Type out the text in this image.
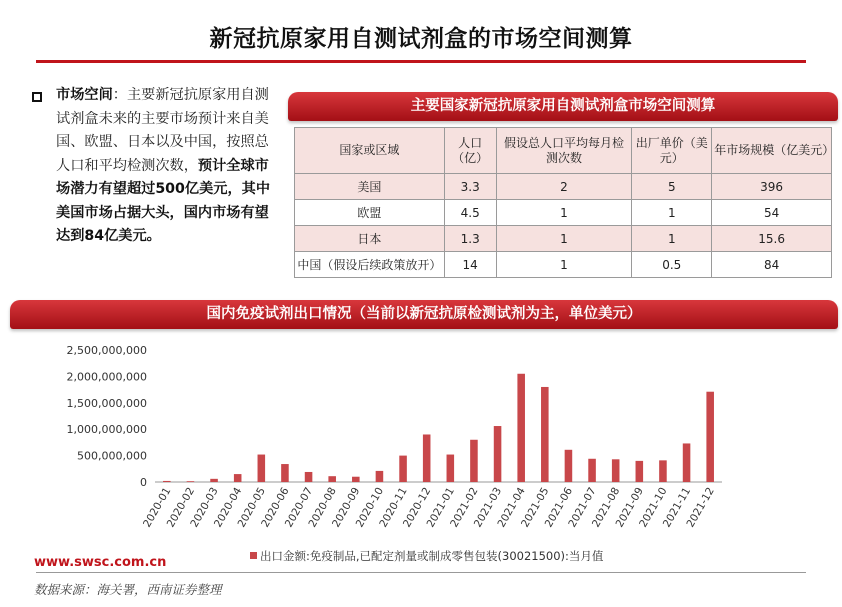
新冠抗原家用自测试剂盒的市场空间测算
市场空间：主要新冠抗原家用自测试剂盒未来的主要市场预计来自美国、欧盟、日本以及中国，按照总人口和平均检测次数，预计全球市场潜力有望超过500亿美元，其中美国市场占据大头，国内市场有望达到84亿美元。
主要国家新冠抗原家用自测试剂盒市场空间测算
国家或区域	人口（亿）	假设总人口平均每月检测次数	出厂单价（美元）	年市场规模（亿美元）
美国	3.3	2	5	396
欧盟	4.5	1	1	54
日本	1.3	1	1	15.6
中国（假设后续政策放开）	14	1	0.5	84
国内免疫试剂出口情况（当前以新冠抗原检测试剂为主，单位美元）
0
500,000,000
1,000,000,000
1,500,000,000
2,000,000,000
2,500,000,000
2020-01
2020-02
2020-03
2020-04
2020-05
2020-06
2020-07
2020-08
2020-09
2020-10
2020-11
2020-12
2021-01
2021-02
2021-03
2021-04
2021-05
2021-06
2021-07
2021-08
2021-09
2021-10
2021-11
2021-12
出口金额:免疫制品,已配定剂量或制成零售包装(30021500):当月值
www.swsc.com.cn
数据来源：海关署，西南证券整理
